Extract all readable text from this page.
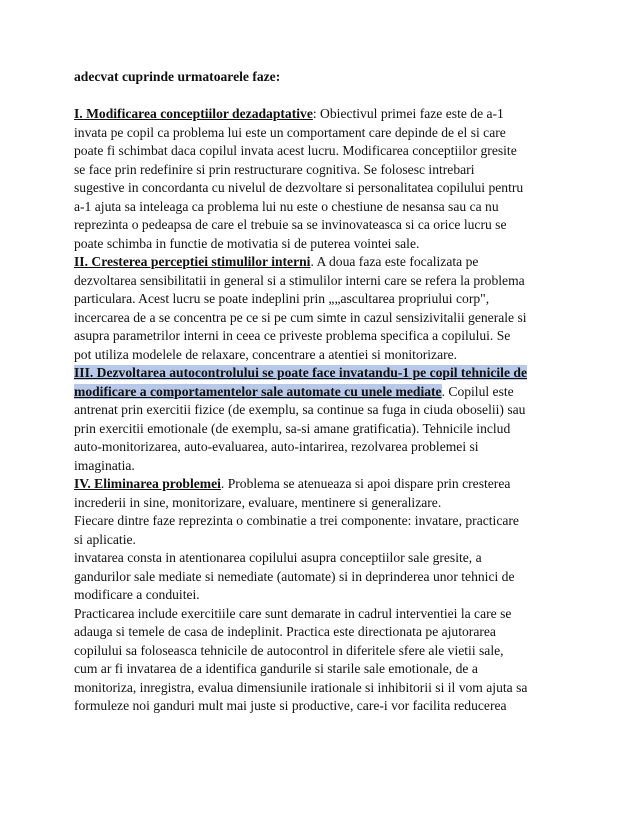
adecvat cuprinde urmatoarele faze:
I. Modificarea conceptiilor dezadaptative: Obiectivul primei faze este de a-1
invata pe copil ca problema lui este un comportament care depinde de el si care
poate fi schimbat daca copilul invata acest lucru. Modificarea conceptiilor gresite
se face prin redefinire si prin restructurare cognitiva. Se folosesc intrebari
sugestive in concordanta cu nivelul de dezvoltare si personalitatea copilului pentru
a-1 ajuta sa inteleaga ca problema lui nu este o chestiune de nesansa sau ca nu
reprezinta o pedeapsa de care el trebuie sa se invinovateasca si ca orice lucru se
poate schimba in functie de motivatia si de puterea vointei sale.
II. Cresterea perceptiei stimulilor interni. A doua faza este focalizata pe
dezvoltarea sensibilitatii in general si a stimulilor interni care se refera la problema
particulara. Acest lucru se poate indeplini prin „„ascultarea propriului corp",
incercarea de a se concentra pe ce si pe cum simte in cazul sensizivitalii generale si
asupra parametrilor interni in ceea ce priveste problema specifica a copilului. Se
pot utiliza modelele de relaxare, concentrare a atentiei si monitorizare.
III. Dezvoltarea autocontrolului se poate face invatandu-1 pe copil tehnicile de
modificare a comportamentelor sale automate cu unele mediate. Copilul este
antrenat prin exercitii fizice (de exemplu, sa continue sa fuga in ciuda oboselii) sau
prin exercitii emotionale (de exemplu, sa-si amane gratificatia). Tehnicile includ
auto-monitorizarea, auto-evaluarea, auto-intarirea, rezolvarea problemei si
imaginatia.
IV. Eliminarea problemei. Problema se atenueaza si apoi dispare prin cresterea
increderii in sine, monitorizare, evaluare, mentinere si generalizare.
Fiecare dintre faze reprezinta o combinatie a trei componente: invatare, practicare
si aplicatie.
invatarea consta in atentionarea copilului asupra conceptiilor sale gresite, a
gandurilor sale mediate si nemediate (automate) si in deprinderea unor tehnici de
modificare a conduitei.
Practicarea include exercitiile care sunt demarate in cadrul interventiei la care se
adauga si temele de casa de indeplinit. Practica este directionata pe ajutorarea
copilului sa foloseasca tehnicile de autocontrol in diferitele sfere ale vietii sale,
cum ar fi invatarea de a identifica gandurile si starile sale emotionale, de a
monitoriza, inregistra, evalua dimensiunile irationale si inhibitorii si il vom ajuta sa
formuleze noi ganduri mult mai juste si productive, care-i vor facilita reducerea
